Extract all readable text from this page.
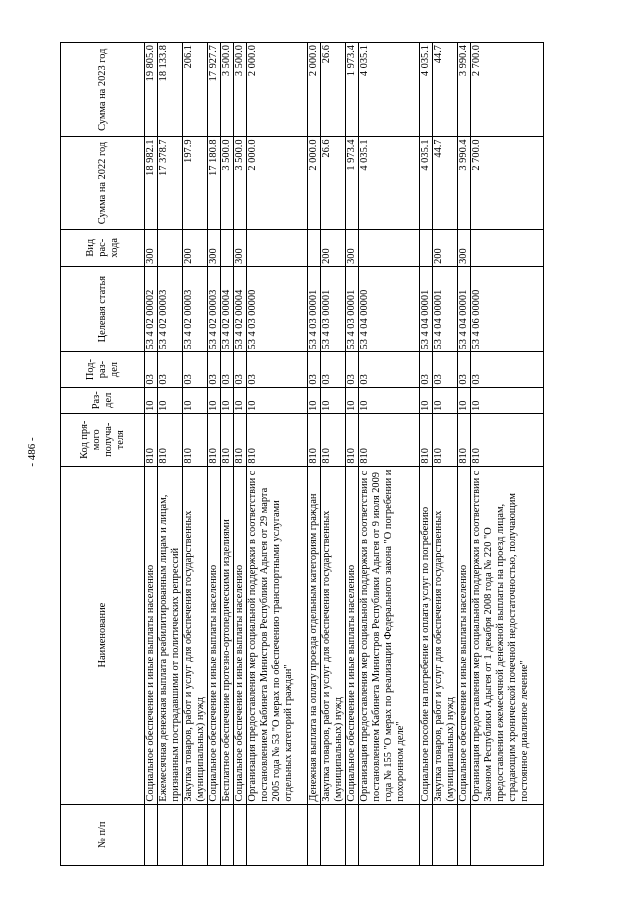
- 486 -
№ п/п	Наименование	Код пря-мого получа-теля	Раз-дел	Под-раз-дел	Целевая статья	Вид рас-хода	Сумма на 2022 год	Сумма на 2023 год
	Социальное обеспечение и иные выплаты населению	810	10	03	53 4 02 00002	300	18 982.1	19 805.0
	Ежемесячная денежная выплата реабилитированным лицам и лицам, признанным пострадавшими от политических репрессий	810	10	03	53 4 02 00003		17 378.7	18 133.8
	Закупка товаров, работ и услуг для обеспечения государственных (муниципальных) нужд	810	10	03	53 4 02 00003	200	197.9	206.1
	Социальное обеспечение и иные выплаты населению	810	10	03	53 4 02 00003	300	17 180.8	17 927.7
	Бесплатное обеспечение протезно-ортопедическими изделиями	810	10	03	53 4 02 00004		3 500.0	3 500.0
	Социальное обеспечение и иные выплаты населению	810	10	03	53 4 02 00004	300	3 500.0	3 500.0
	Организация предоставления мер социальной поддержки в соответствии с постановлением Кабинета Министров Республики Адыгея от 29 марта 2005 года № 53 "О мерах по обеспечению транспортными услугами отдельных категорий граждан"	810	10	03	53 4 03 00000		2 000.0	2 000.0
	Денежная выплата на оплату проезда отдельным категориям граждан	810	10	03	53 4 03 00001		2 000.0	2 000.0
	Закупка товаров, работ и услуг для обеспечения государственных (муниципальных) нужд	810	10	03	53 4 03 00001	200	26.6	26.6
	Социальное обеспечение и иные выплаты населению	810	10	03	53 4 03 00001	300	1 973.4	1 973.4
	Организация предоставления мер социальной поддержки в соответствии с постановлением Кабинета Министров Республики Адыгея от 9 июля 2009 года № 155 "О мерах по реализации Федерального закона "О погребении и похоронном деле"	810	10	03	53 4 04 00000		4 035.1	4 035.1
	Социальное пособие на погребение и оплата услуг по погребению	810	10	03	53 4 04 00001		4 035.1	4 035.1
	Закупка товаров, работ и услуг для обеспечения государственных (муниципальных) нужд	810	10	03	53 4 04 00001	200	44.7	44.7
	Социальное обеспечение и иные выплаты населению	810	10	03	53 4 04 00001	300	3 990.4	3 990.4
	Организация предоставления мер социальной поддержки в соответствии с Законом Республики Адыгея от 1 декабря 2008 года № 220 "О предоставлении ежемесячной денежной выплаты на проезд лицам, страдающим хронической почечной недостаточностью, получающим постоянное диализное лечение"	810	10	03	53 4 06 00000		2 700.0	2 700.0
